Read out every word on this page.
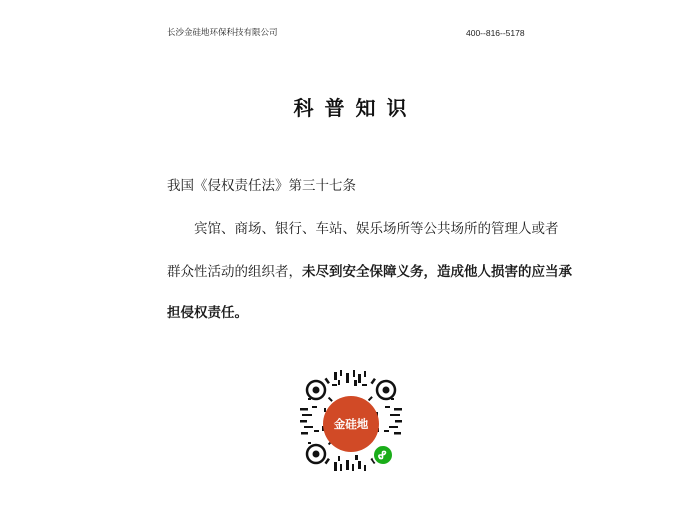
长沙金硅地环保科技有限公司	400--816--5178
科普知识
我国《侵权责任法》第三十七条
宾馆、商场、银行、车站、娱乐场所等公共场所的管理人或者
群众性活动的组织者，未尽到安全保障义务，造成他人损害的应当承
担侵权责任。
金硅地
